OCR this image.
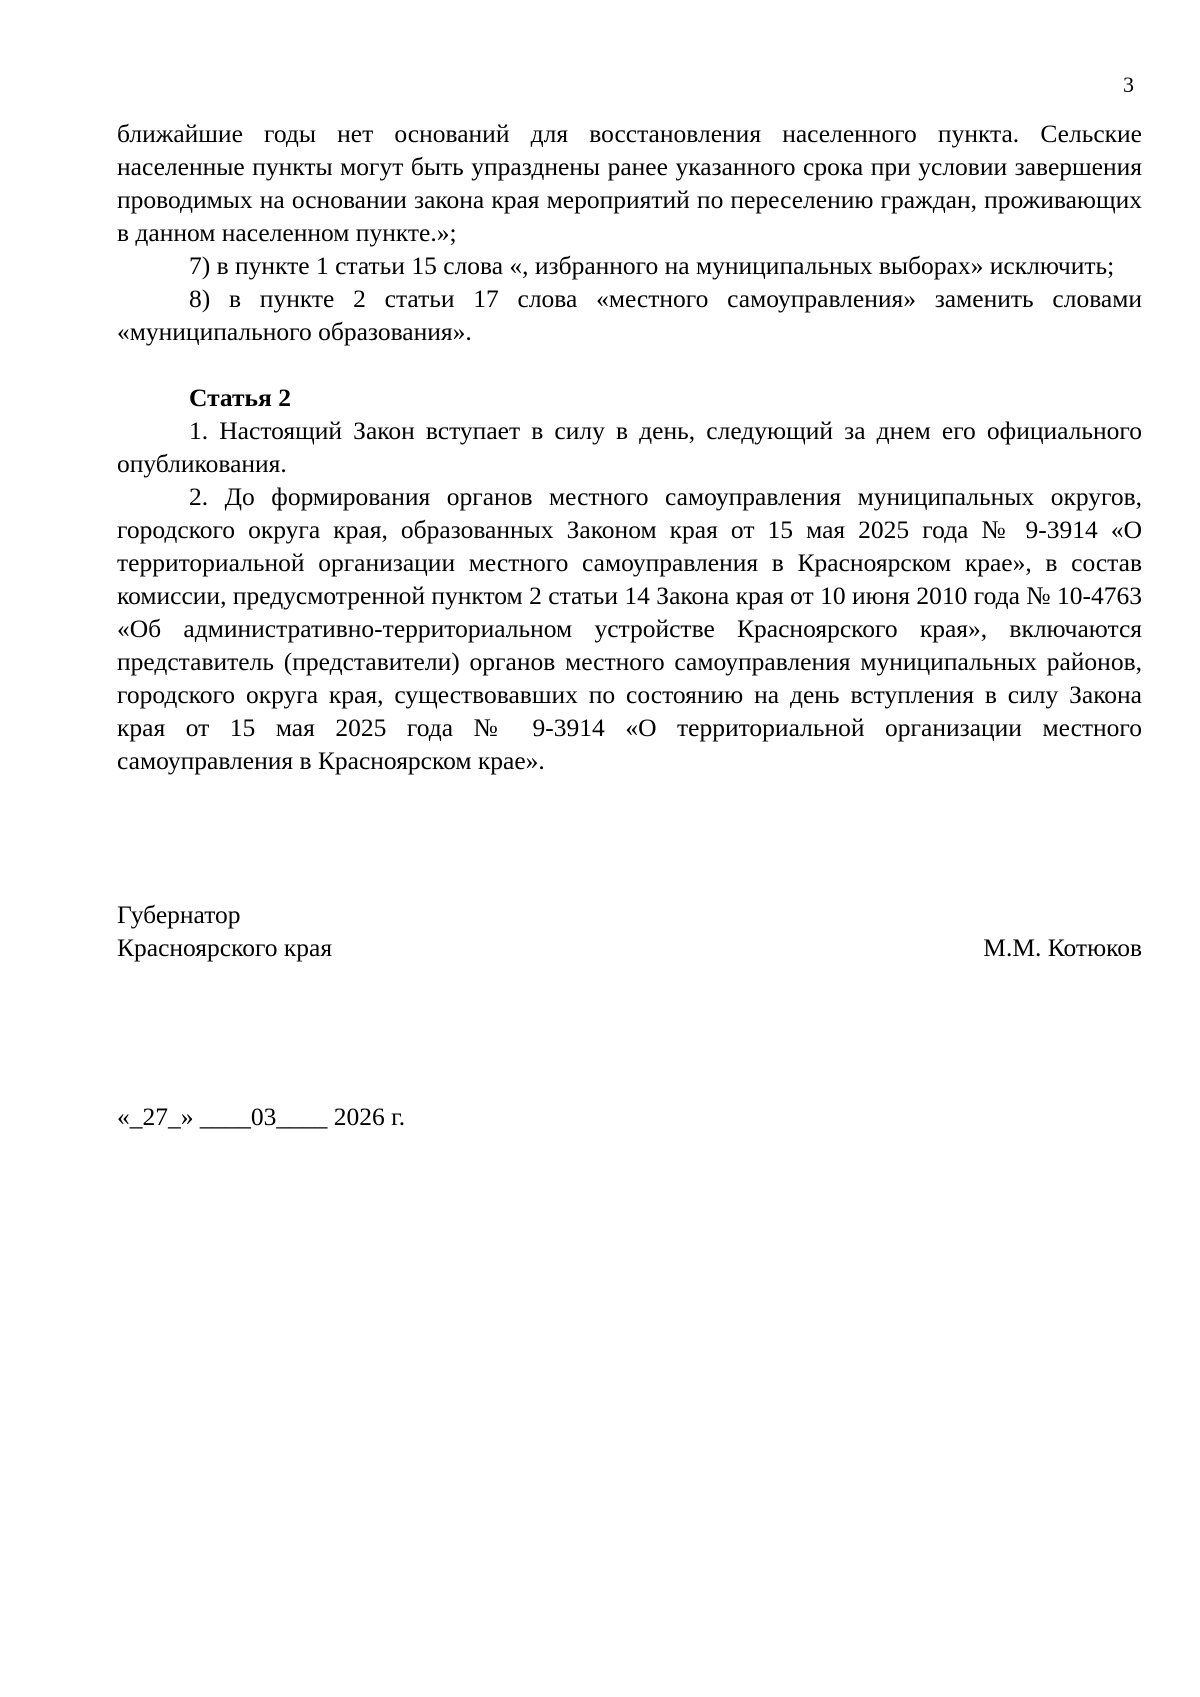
3

ближайшие годы нет оснований для восстановления населенного пункта. Сельские населенные пункты могут быть упразднены ранее указанного срока при условии завершения проводимых на основании закона края мероприятий по переселению граждан, проживающих в данном населенном пункте.»;

7) в пункте 1 статьи 15 слова «, избранного на муниципальных выборах» исключить;

8) в пункте 2 статьи 17 слова «местного самоуправления» заменить словами «муниципального образования».

Статья 2

1. Настоящий Закон вступает в силу в день, следующий за днем его официального опубликования.

2. До формирования органов местного самоуправления муниципальных округов, городского округа края, образованных Законом края от 15 мая 2025 года № 9-3914 «О территориальной организации местного самоуправления в Красноярском крае», в состав комиссии, предусмотренной пунктом 2 статьи 14 Закона края от 10 июня 2010 года № 10-4763 «Об административно-территориальном устройстве Красноярского края», включаются представитель (представители) органов местного самоуправления муниципальных районов, городского округа края, существовавших по состоянию на день вступления в силу Закона края от 15 мая 2025 года № 9-3914 «О территориальной организации местного самоуправления в Красноярском крае».

Губернатор
Красноярского края	М.М. Котюков
«_27_» ____03____ 2026 г.
